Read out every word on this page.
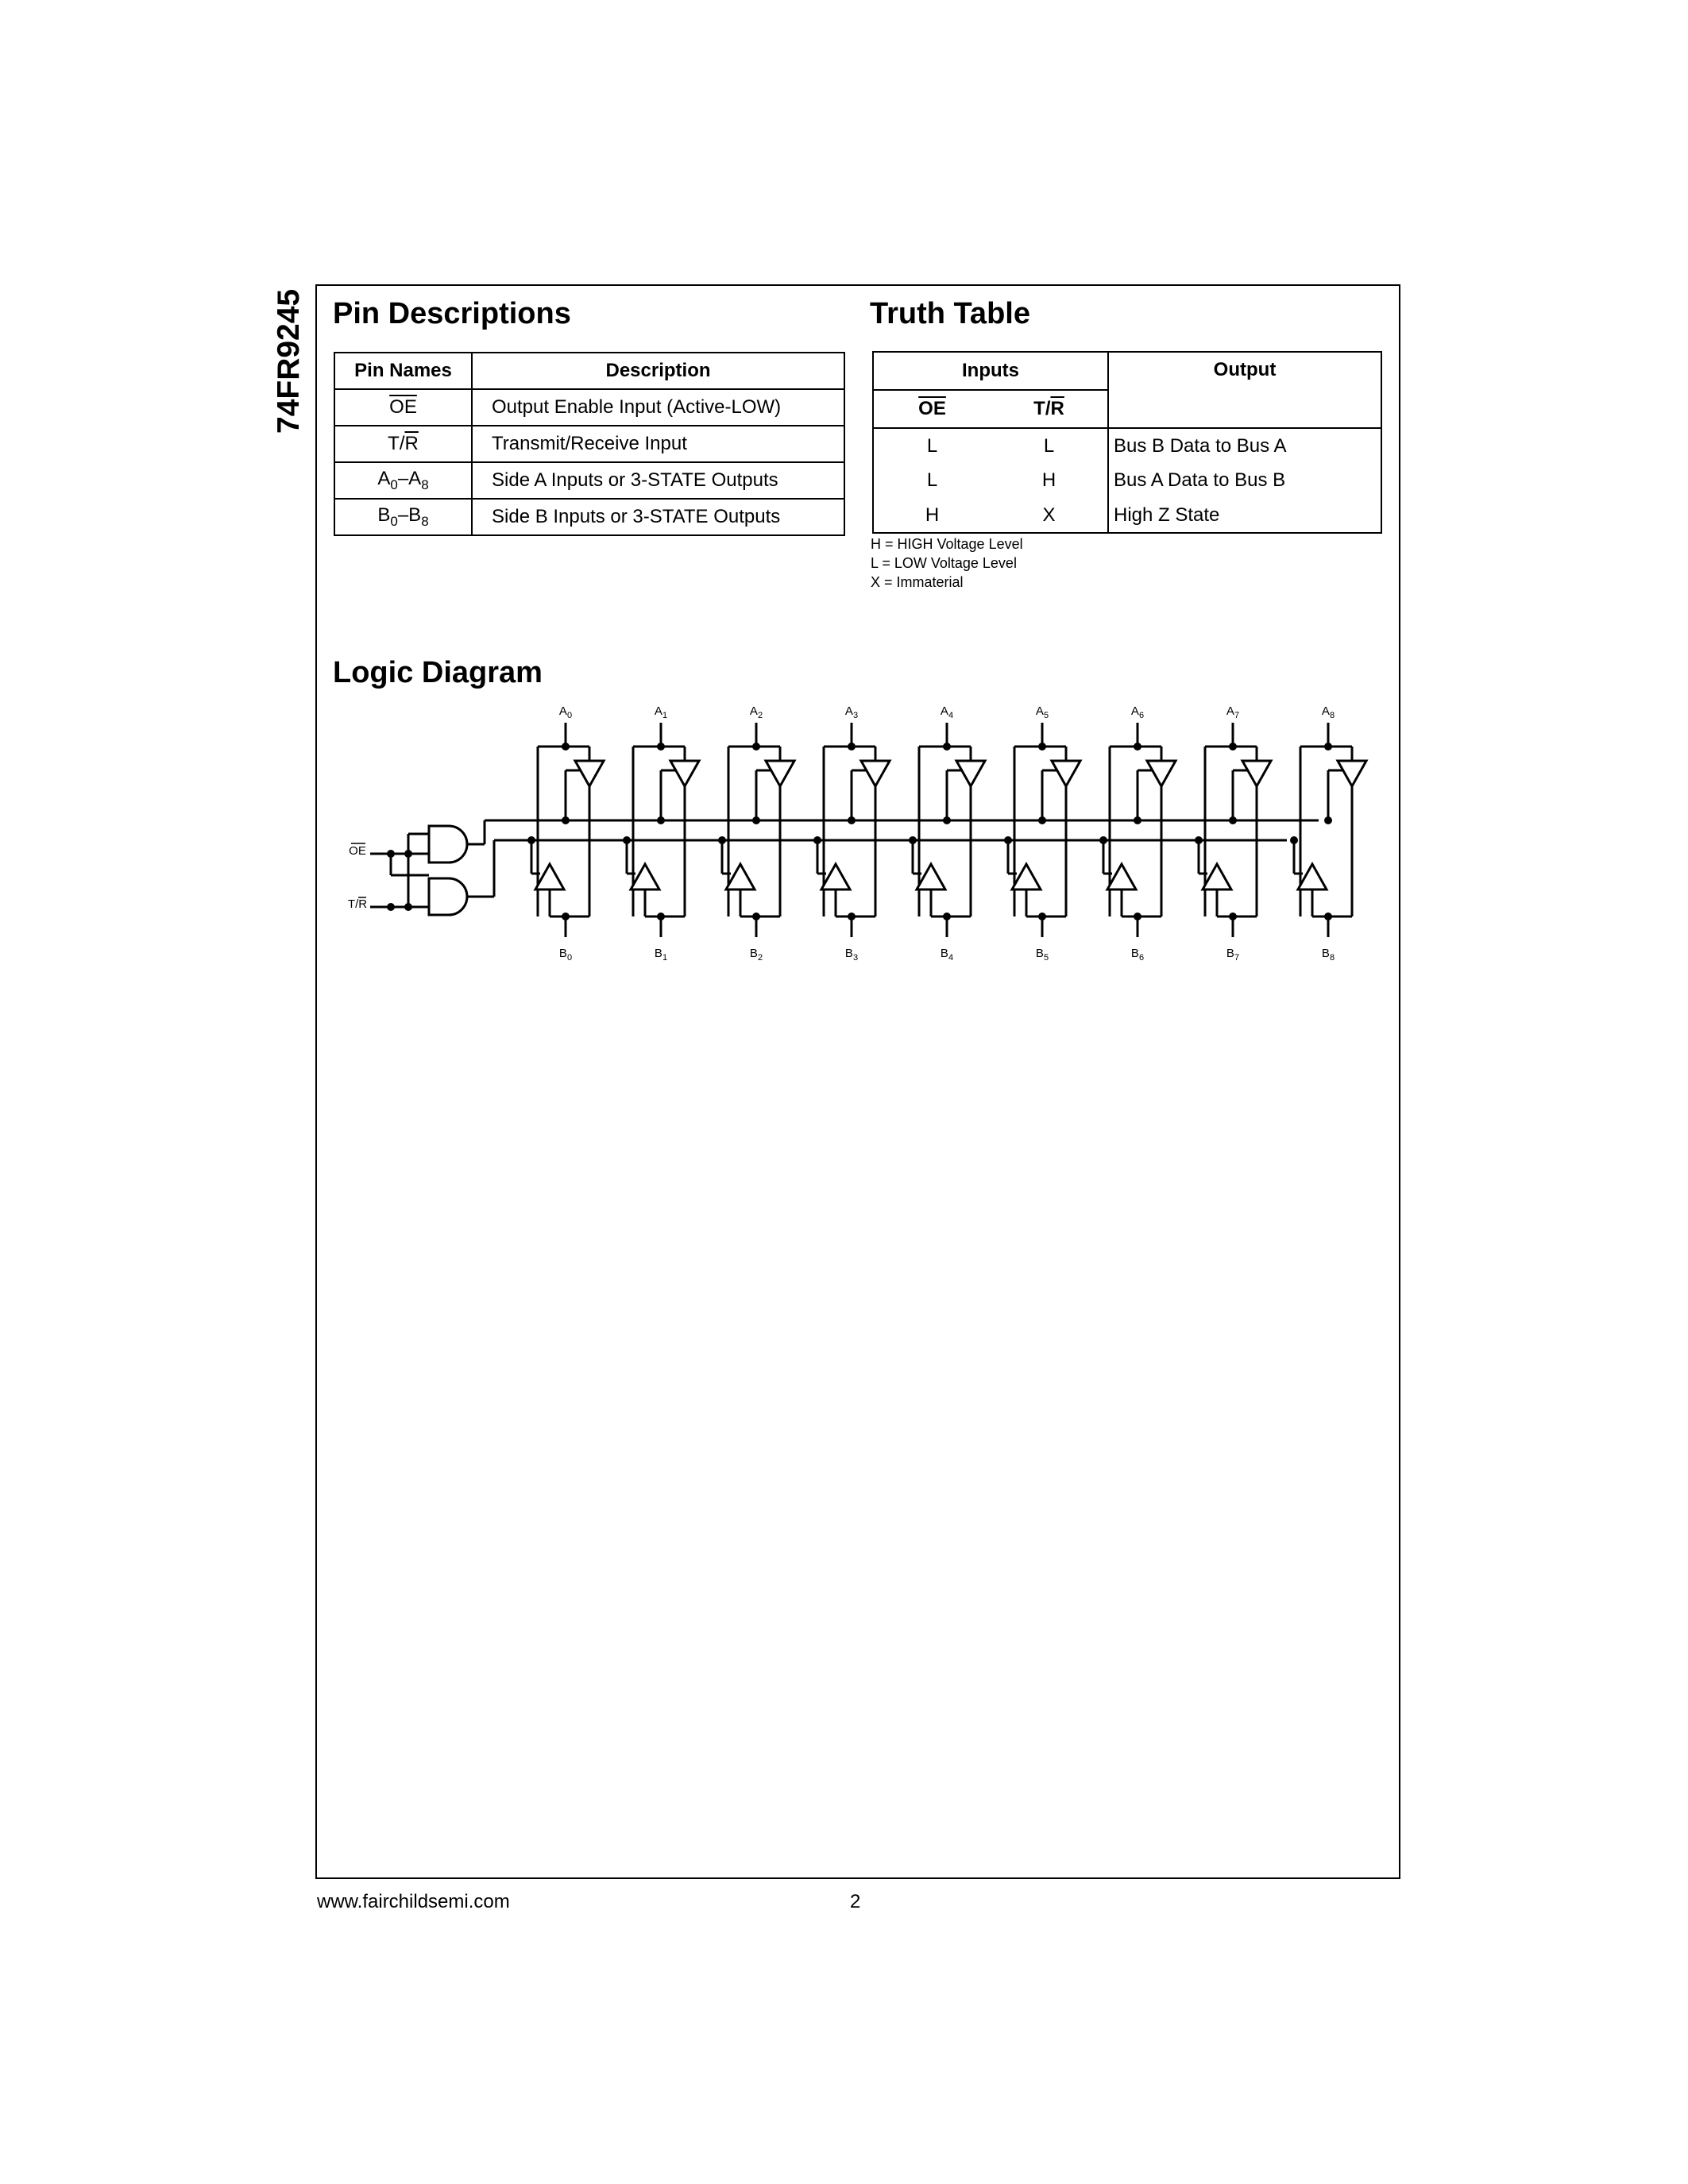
74FR9245 Pin Descriptions
Pin Names	Description
$\overline{OE}$	Output Enable Input (Active-LOW)
$T/\overline{R}$	Transmit/Receive Input
$A_0-A_8$	Side A Inputs or 3-STATE Outputs
$B_0-B_8$	Side B Inputs or 3-STATE Outputs
Truth Table
Inputs		Output
$\overline{OE}$	$T/\overline{R}$
L	L	Bus B Data to Bus A
L	H	Bus A Data to Bus B
H	X	High Z State
H = HIGH Voltage Level
L = LOW Voltage Level
X = Immaterial
Logic Diagram
OE
T/R
$A_0$
$B_0$
$A_1$
$B_1$
$A_2$
$B_2$
$A_3$
$B_3$
$A_4$
$B_4$
$A_5$
$B_5$
$A_6$
$B_6$
$A_7$
$B_7$
$A_8$
$B_8$
www.fairchildsemi.com	2
